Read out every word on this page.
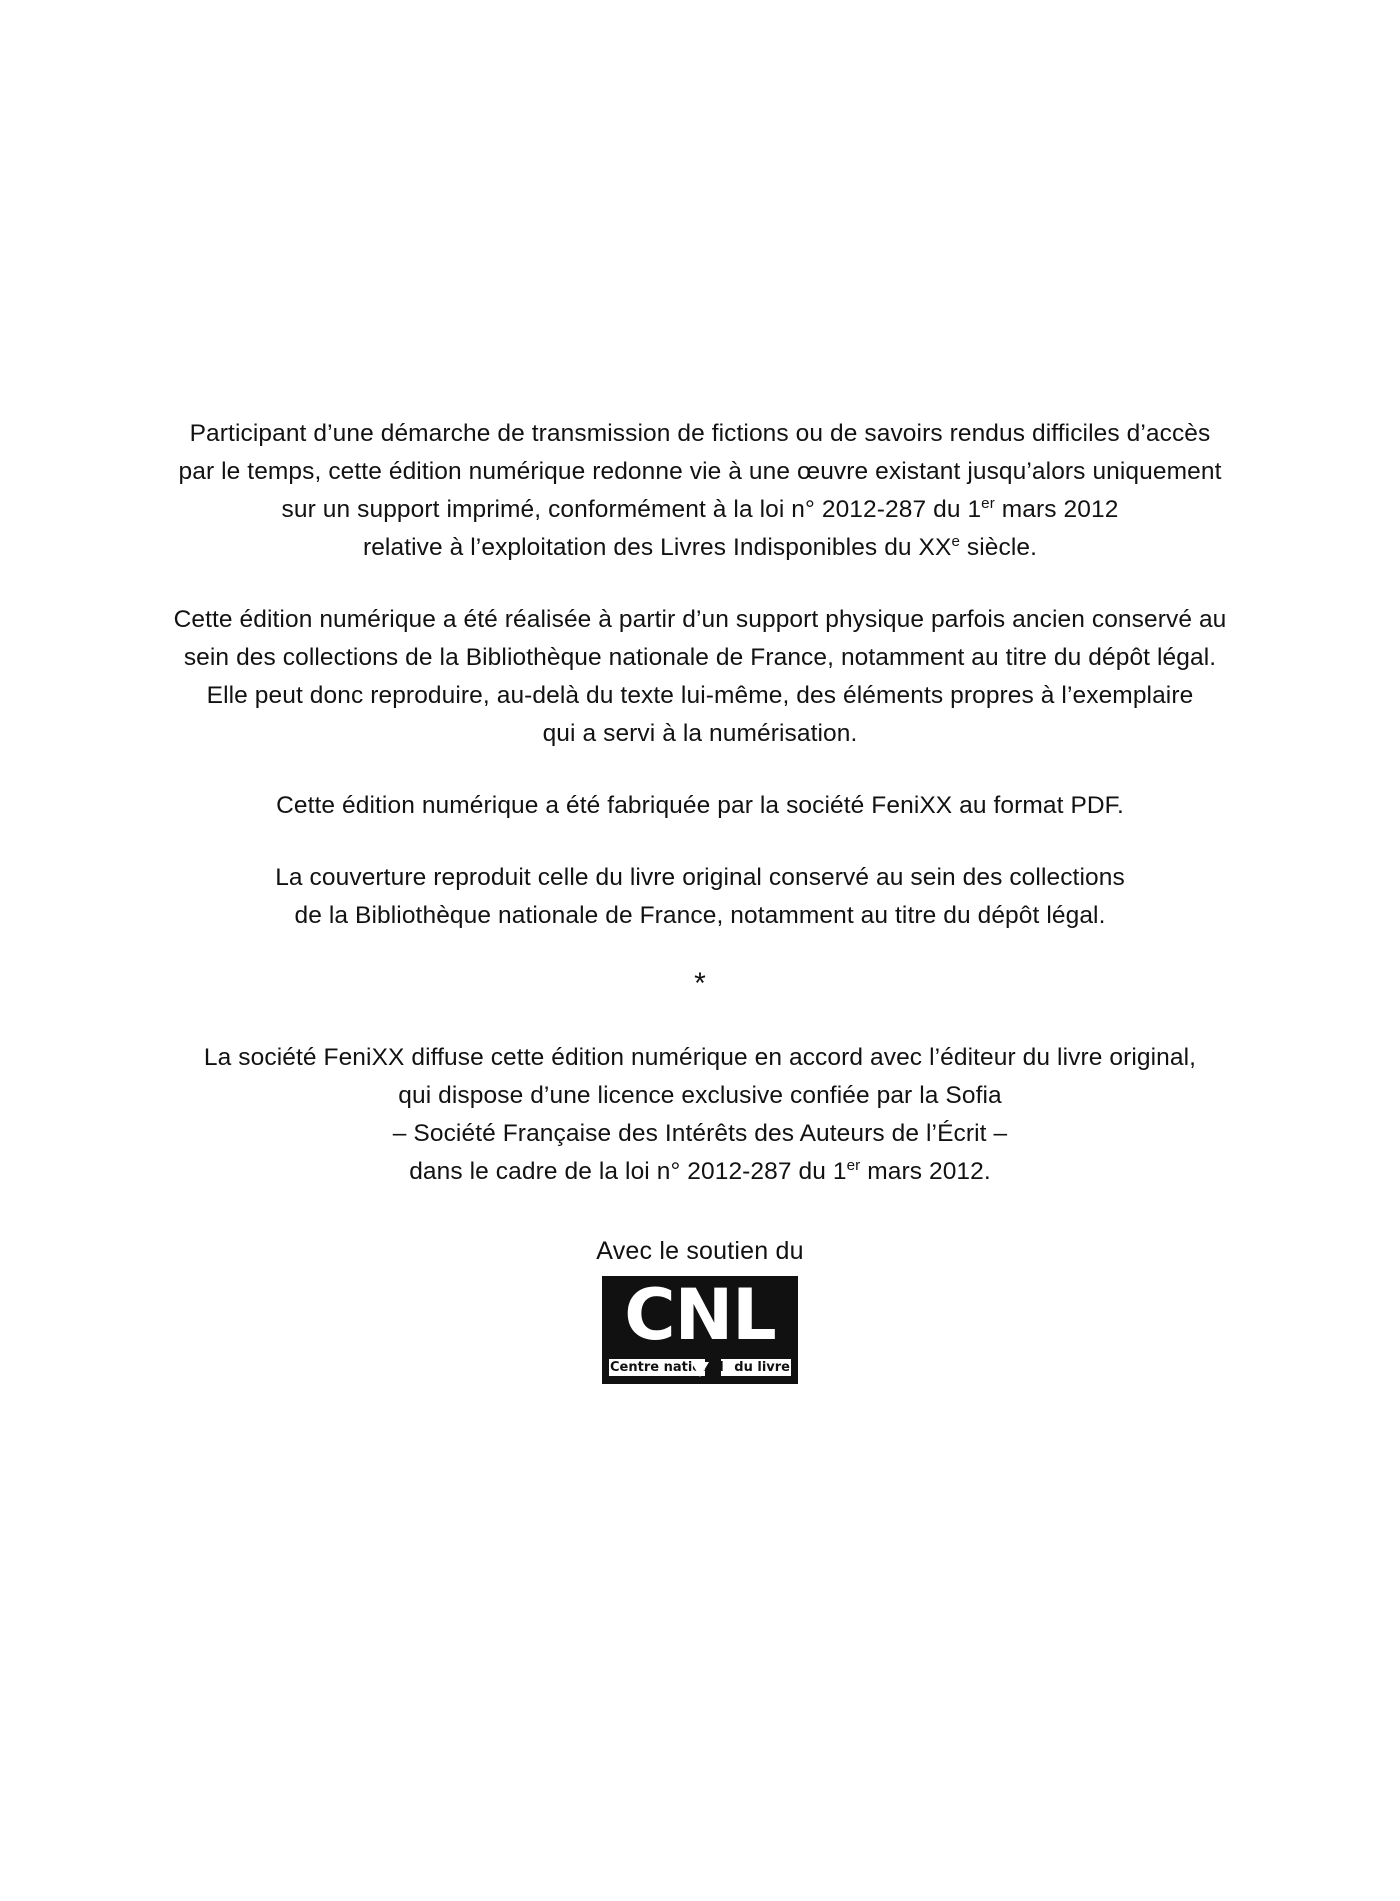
Participant d’une démarche de transmission de fictions ou de savoirs rendus difficiles d’accès
par le temps, cette édition numérique redonne vie à une œuvre existant jusqu’alors uniquement
sur un support imprimé, conformément à la loi n° 2012-287 du 1er mars 2012
relative à l’exploitation des Livres Indisponibles du XXe siècle.

Cette édition numérique a été réalisée à partir d’un support physique parfois ancien conservé au
sein des collections de la Bibliothèque nationale de France, notamment au titre du dépôt légal.
Elle peut donc reproduire, au-delà du texte lui-même, des éléments propres à l’exemplaire
qui a servi à la numérisation.

Cette édition numérique a été fabriquée par la société FeniXX au format PDF.

La couverture reproduit celle du livre original conservé au sein des collections
de la Bibliothèque nationale de France, notamment au titre du dépôt légal.

*

La société FeniXX diffuse cette édition numérique en accord avec l’éditeur du livre original,
qui dispose d’une licence exclusive confiée par la Sofia
– Société Française des Intérêts des Auteurs de l’Écrit –
dans le cadre de la loi n° 2012-287 du 1er mars 2012.

Avec le soutien du
CNL
Centre national du livre
